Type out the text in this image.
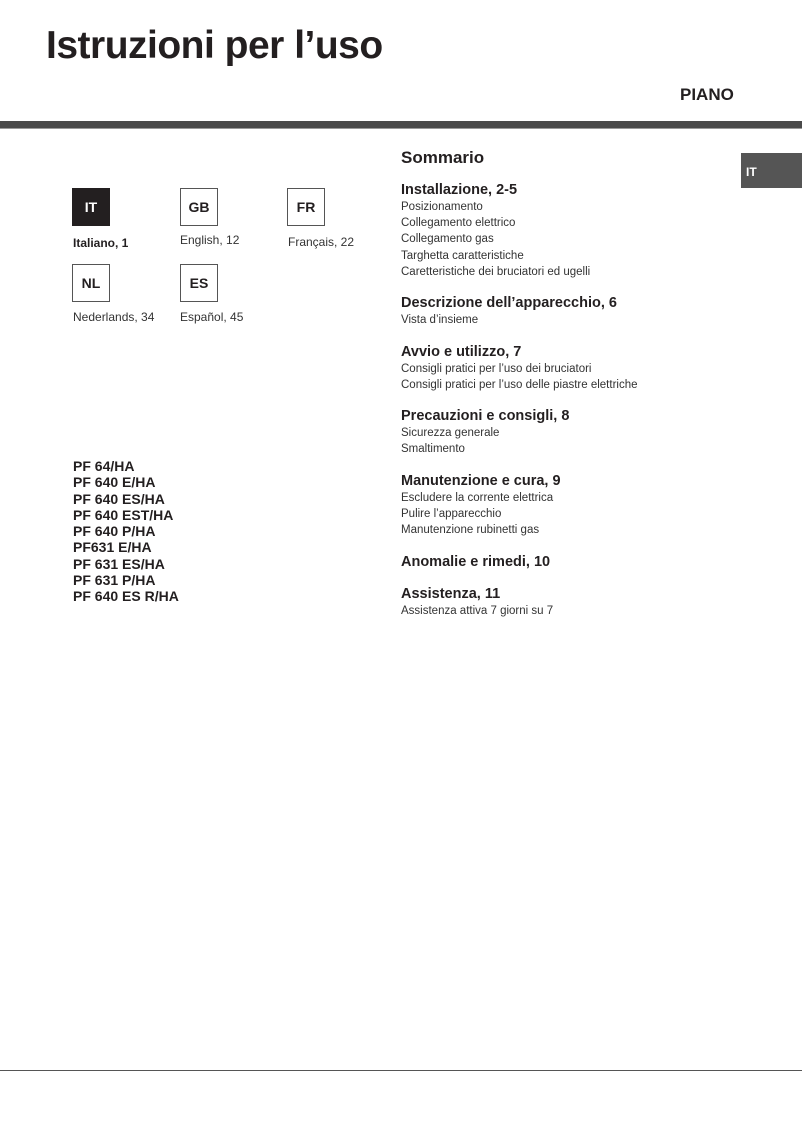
Istruzioni per l’uso
PIANO
IT
Italiano, 1
GB
English, 12
FR
Français, 22
NL
Nederlands, 34
ES
Español, 45
PF 64/HA
PF 640 E/HA
PF 640 ES/HA
PF 640 EST/HA
PF 640 P/HA
PF631 E/HA
PF 631 ES/HA
PF 631 P/HA
PF 640 ES R/HA
Sommario
Installazione, 2-5
Posizionamento
Collegamento elettrico
Collegamento gas
Targhetta caratteristiche
Caretteristiche dei bruciatori ed ugelli
Descrizione dell’apparecchio, 6
Vista d’insieme
Avvio e utilizzo, 7
Consigli pratici per l’uso dei bruciatori
Consigli pratici per l’uso delle piastre elettriche
Precauzioni e consigli, 8
Sicurezza generale
Smaltimento
Manutenzione e cura, 9
Escludere la corrente elettrica
Pulire l’apparecchio
Manutenzione rubinetti gas
Anomalie e rimedi, 10
Assistenza, 11
Assistenza attiva 7 giorni su 7
IT
